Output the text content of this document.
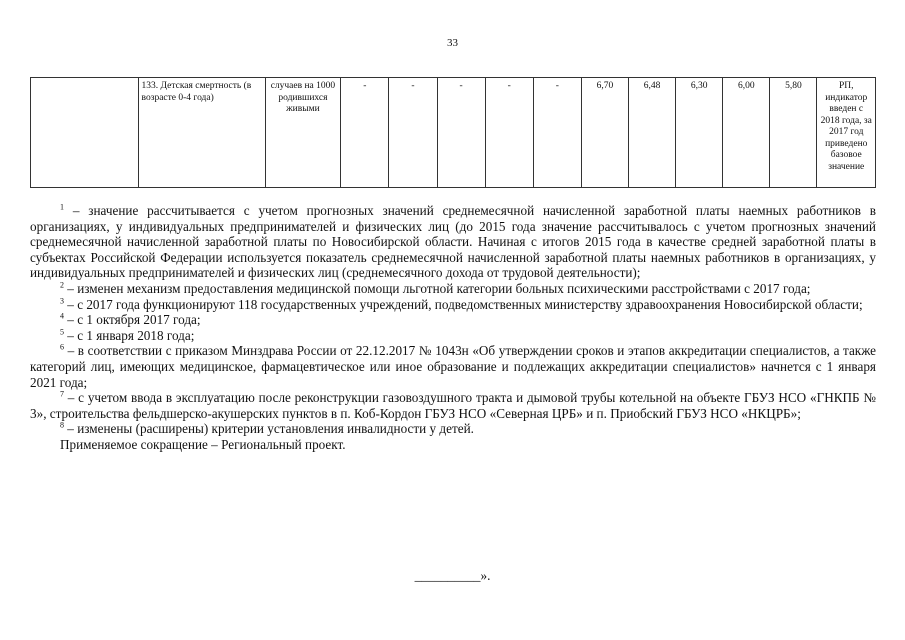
33
	133. Детская смертность (в возрасте 0-4 года)	случаев на 1000 родившихся живыми	-	-	-	-	-	6,70	6,48	6,30	6,00	5,80	РП, индикатор введен с 2018 года, за 2017 год приведено базовое значение

$^1$ – значение рассчитывается с учетом прогнозных значений среднемесячной начисленной заработной платы наемных работников в организациях, у индивидуальных предпринимателей и физических лиц (до 2015 года значение рассчитывалось с учетом прогнозных значений среднемесячной начисленной заработной платы по Новосибирской области. Начиная с итогов 2015 года в качестве средней заработной платы в субъектах Российской Федерации используется показатель среднемесячной начисленной заработной платы наемных работников в организациях, у индивидуальных предпринимателей и физических лиц (среднемесячного дохода от трудовой деятельности);

$^2$ – изменен механизм предоставления медицинской помощи льготной категории больных психическими расстройствами с 2017 года;

$^3$ – с 2017 года функционируют 118 государственных учреждений, подведомственных министерству здравоохранения Новосибирской области;

$^4$ – с 1 октября 2017 года;

$^5$ – с 1 января 2018 года;

$^6$ – в соответствии с приказом Минздрава России от 22.12.2017 № 1043н «Об утверждении сроков и этапов аккредитации специалистов, а также категорий лиц, имеющих медицинское, фармацевтическое или иное образование и подлежащих аккредитации специалистов» начнется с 1 января 2021 года;

$^7$ – с учетом ввода в эксплуатацию после реконструкции газовоздушного тракта и дымовой трубы котельной на объекте ГБУЗ НСО «ГНКПБ № 3», строительства фельдшерско-акушерских пунктов в п. Коб-Кордон ГБУЗ НСО «Северная ЦРБ» и п. Приобский ГБУЗ НСО «НКЦРБ»;

$^8$ – изменены (расширены) критерии установления инвалидности у детей.

Применяемое сокращение – Региональный проект.

__________».
